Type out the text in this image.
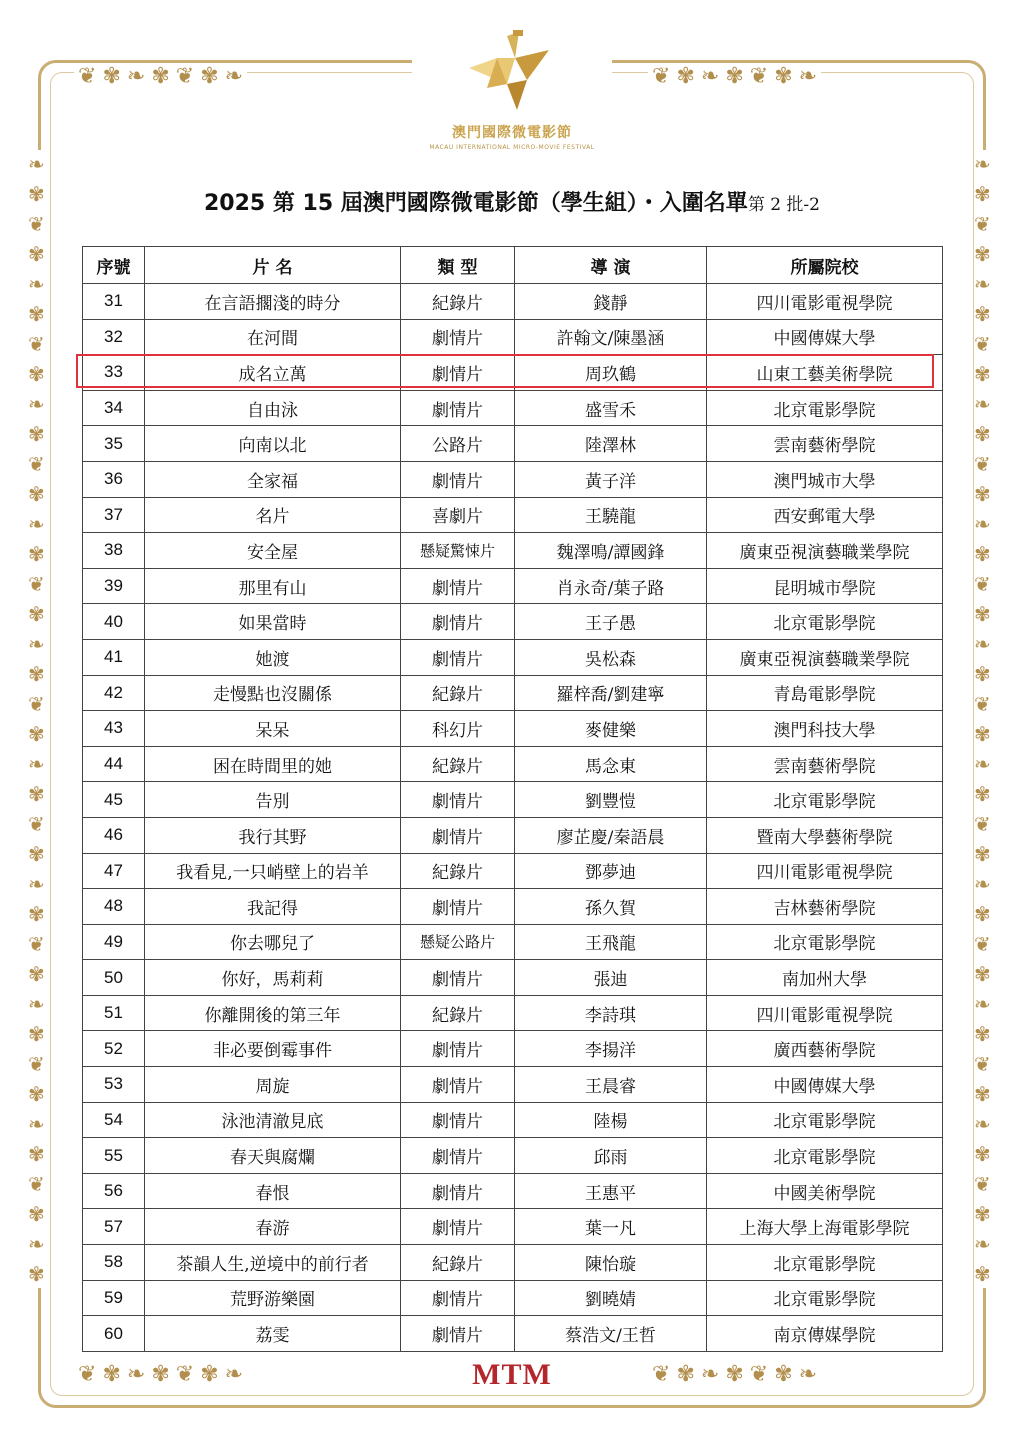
❦ ✾ ❧ ✾ ❦ ✾ ❧	❦ ✾ ❧ ✾ ❦ ✾ ❧
❦ ✾ ❧ ✾ ❦ ✾ ❧	❦ ✾ ❧ ✾ ❦ ✾ ❧
❧
✾
❦
✾
❧
✾
❦
✾
❧
✾
❦
✾
❧
✾
❦
✾
❧
✾
❦
✾
❧
✾
❦
✾
❧
✾
❦
✾
❧
✾
❦
✾
❧
✾
❦
✾
❧
✾
❧
✾
❦
✾
❧
✾
❦
✾
❧
✾
❦
✾
❧
✾
❦
✾
❧
✾
❦
✾
❧
✾
❦
✾
❧
✾
❦
✾
❧
✾
❦
✾
❧
✾
❦
✾
❧
✾
澳門國際微電影節
MACAU INTERNATIONAL MICRO-MOVIE FESTIVAL
2025 第 15 屆澳門國際微電影節（學生組）・入圍名單第 2 批-2
序號	片 名	類 型	導 演	所屬院校
31	在言語擱淺的時分	紀錄片	錢靜	四川電影電視學院
32	在河間	劇情片	許翰文/陳墨涵	中國傳媒大學
33	成名立萬	劇情片	周玖鶴	山東工藝美術學院
34	自由泳	劇情片	盛雪禾	北京電影學院
35	向南以北	公路片	陸澤林	雲南藝術學院
36	全家福	劇情片	黃子洋	澳門城市大學
37	名片	喜劇片	王驍龍	西安郵電大學
38	安全屋	懸疑驚悚片	魏澤鳴/譚國鋒	廣東亞視演藝職業學院
39	那里有山	劇情片	肖永奇/葉子路	昆明城市學院
40	如果當時	劇情片	王子愚	北京電影學院
41	她渡	劇情片	吳松森	廣東亞視演藝職業學院
42	走慢點也沒關係	紀錄片	羅梓喬/劉建寧	青島電影學院
43	呆呆	科幻片	麥健樂	澳門科技大學
44	困在時間里的她	紀錄片	馬念東	雲南藝術學院
45	告別	劇情片	劉豐愷	北京電影學院
46	我行其野	劇情片	廖芷慶/秦語晨	暨南大學藝術學院
47	我看見,一只峭壁上的岩羊	紀錄片	鄧夢迪	四川電影電視學院
48	我記得	劇情片	孫久賀	吉林藝術學院
49	你去哪兒了	懸疑公路片	王飛龍	北京電影學院
50	你好，馬莉莉	劇情片	張迪	南加州大學
51	你離開後的第三年	紀錄片	李詩琪	四川電影電視學院
52	非必要倒霉事件	劇情片	李揚洋	廣西藝術學院
53	周旋	劇情片	王晨睿	中國傳媒大學
54	泳池清澈見底	劇情片	陸楊	北京電影學院
55	春天與腐爛	劇情片	邱雨	北京電影學院
56	春恨	劇情片	王惠平	中國美術學院
57	春游	劇情片	葉一凡	上海大學上海電影學院
58	茶韻人生,逆境中的前行者	紀錄片	陳怡璇	北京電影學院
59	荒野游樂園	劇情片	劉曉婧	北京電影學院
60	荔雯	劇情片	蔡浩文/王哲	南京傳媒學院
MTM
